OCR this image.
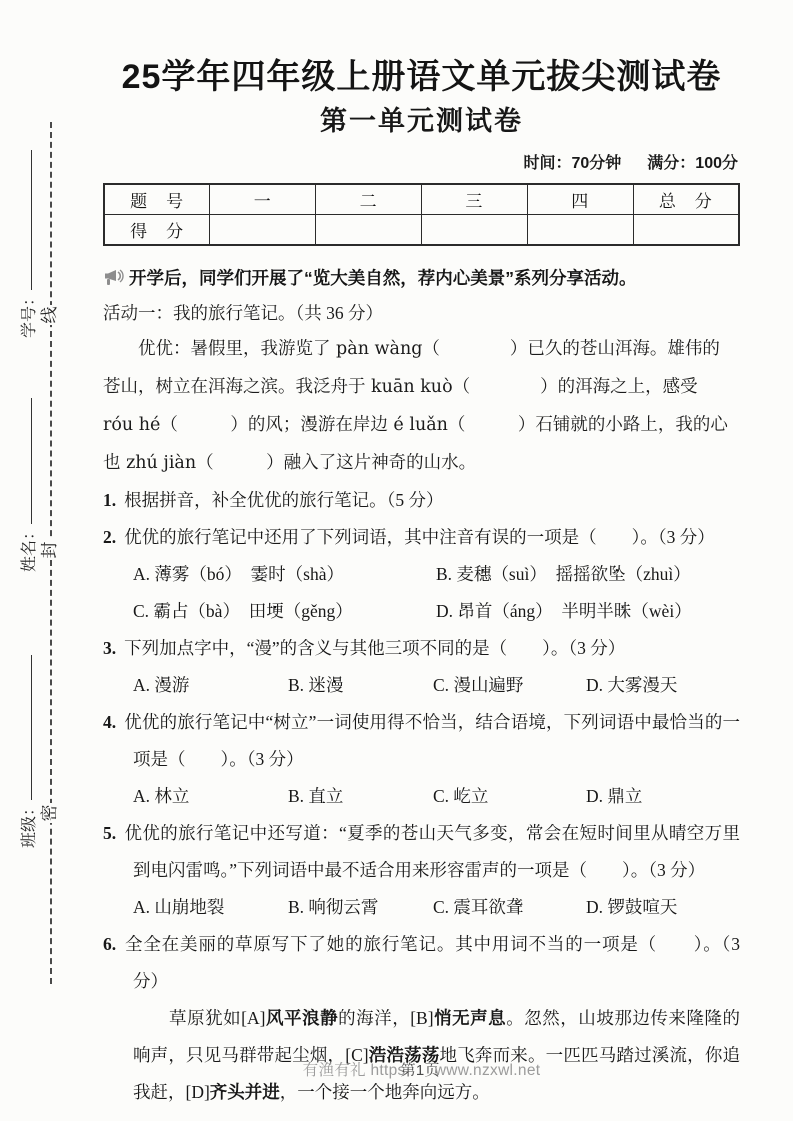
学号：
姓名：
班级：
线
封
密
25学年四年级上册语文单元拔尖测试卷
第一单元测试卷
时间：70分钟 满分：100分
题　号	一	二	三	四	总　分
得　分					
开学后，同学们开展了“览大美自然，荐内心美景”系列分享活动。
活动一：我的旅行笔记。（共 36 分）
　　优优：暑假里，我游览了 pàn wàng（　　　　）已久的苍山洱海。雄伟的
苍山，树立在洱海之滨。我泛舟于 kuān kuò（　　　　）的洱海之上，感受
róu hé（　　　）的风；漫 •游在岸边 é luǎn（　　　）石铺就的小路上，我的心
也 zhú jiàn（　　　）融入了这片神奇的山水。
1. 根据拼音，补全优优的旅行笔记。（5 分）
2. 优优的旅行笔记中还用了下列词语，其中注音有误的一项是（　　）。（3 分）
A. 薄 •雾（bó）　霎 •时（shà）	B. 麦穗 •（suì）　摇摇欲坠 •（zhuì）
C. 霸 •占（bà）　田埂 •（gěng）	D. 昂 •首（áng）　半明半昧 •（wèi）
3. 下列加点字中，“漫”的含义与其他三项不同的是（　　）。（3 分）
A. 漫 •游	B. 迷漫 •	C. 漫 •山遍野	D. 大雾漫 •天
4. 优优的旅行笔记中“树立”一词使用得不恰当，结合语境，下列词语中最恰当的一项是（　　）。（3 分）
A. 林立	B. 直立	C. 屹立	D. 鼎立
5. 优优的旅行笔记中还写道：“夏季的苍山天气多变，常会在短时间里从晴空万里到电闪雷鸣。”下列词语中最不适合用来形容雷声的一项是（　　）。（3 分）
A. 山崩地裂	B. 响彻云霄	C. 震耳欲聋	D. 锣鼓喧天
6. 全全在美丽的草原写下了她的旅行笔记。其中用词不当的一项是（　　）。（3 分）
　　草原犹如[A]风平浪静的海洋，[B]悄无声息。忽然，山坡那边传来隆隆的响声，只见马群带起尘烟，[C]浩浩荡荡地飞奔而来。一匹匹马踏过溪流，你追我赶，[D]齐头并进，一个接一个地奔向远方。
有渔有礼 https第1页www.nzxwl.net
